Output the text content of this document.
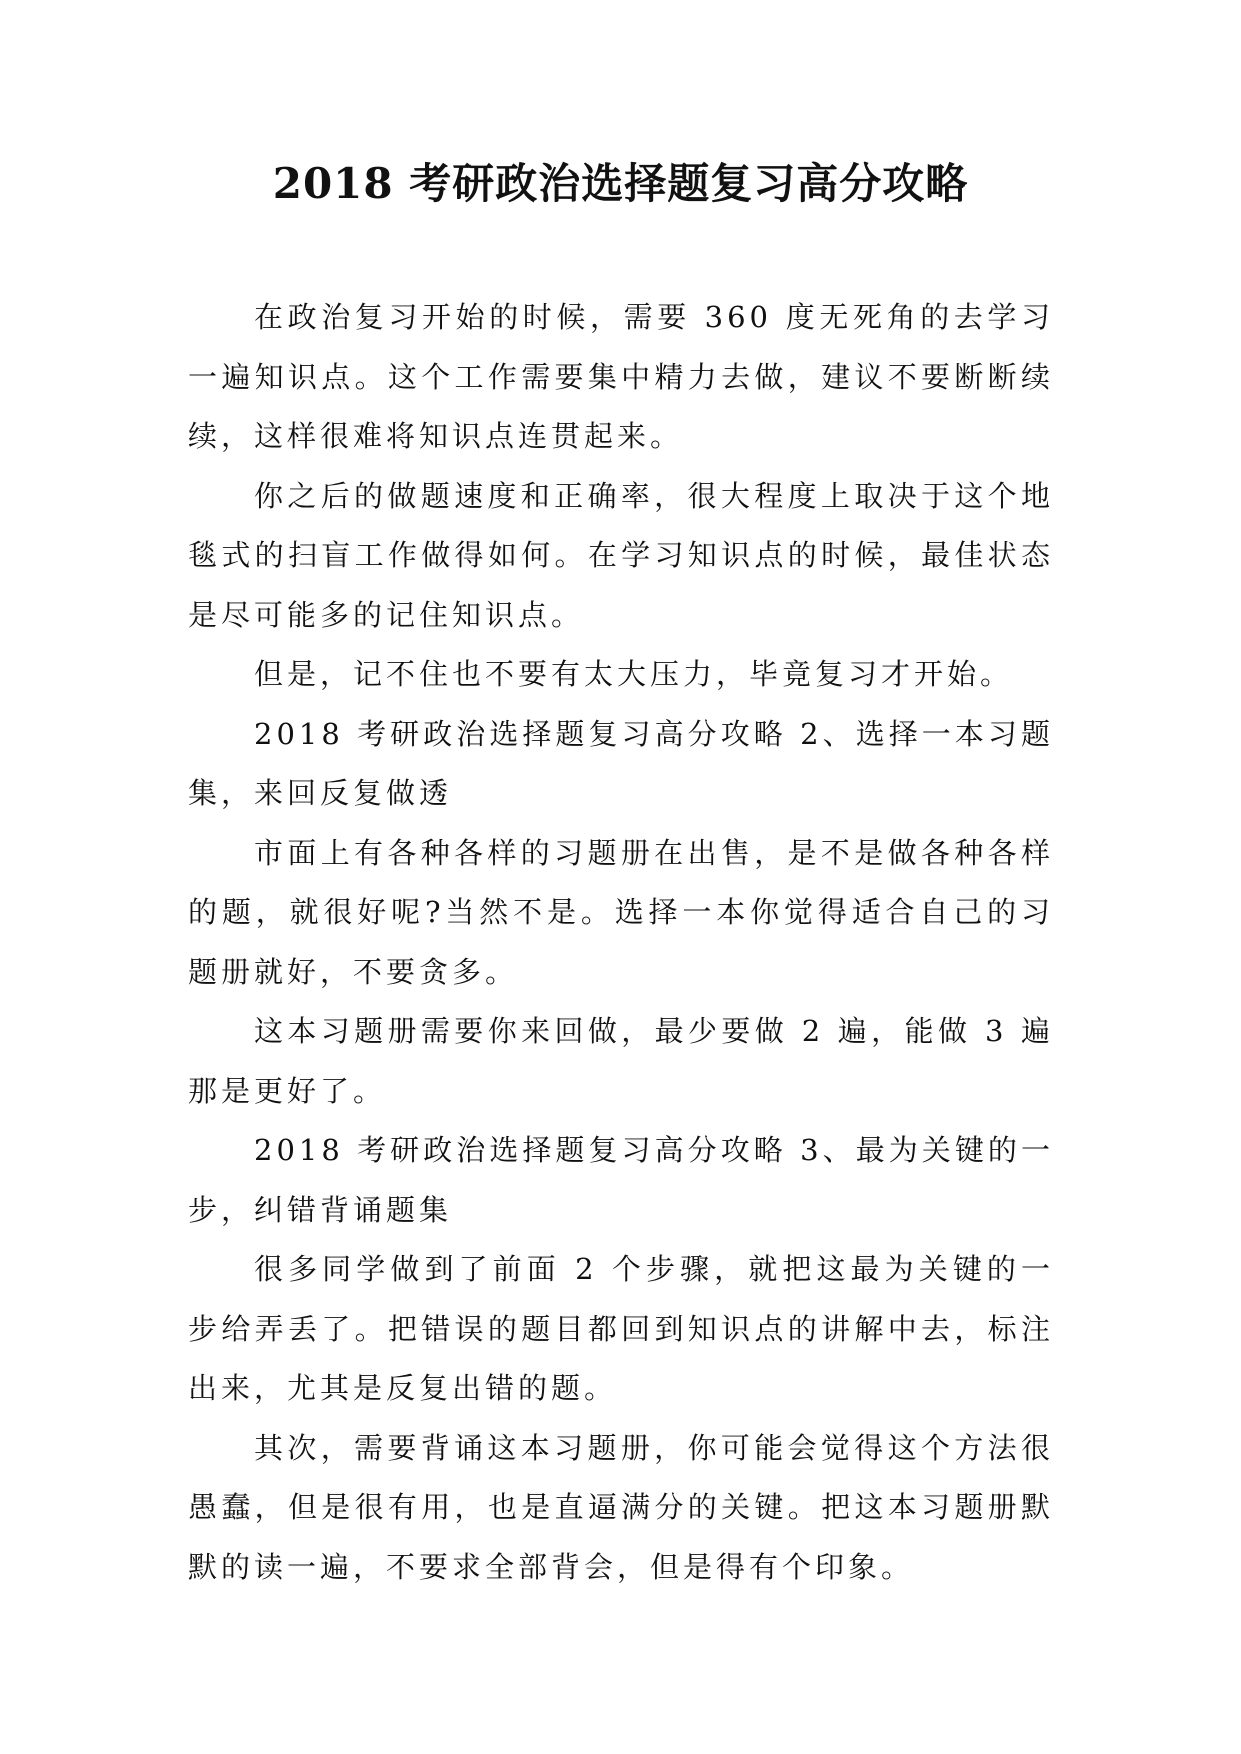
2018 考研政治选择题复习高分攻略

在政治复习开始的时候，需要 360 度无死角的去学习一遍知识点。这个工作需要集中精力去做，建议不要断断续续，这样很难将知识点连贯起来。

你之后的做题速度和正确率，很大程度上取决于这个地毯式的扫盲工作做得如何。在学习知识点的时候，最佳状态是尽可能多的记住知识点。

但是，记不住也不要有太大压力，毕竟复习才开始。

2018 考研政治选择题复习高分攻略 2、选择一本习题集，来回反复做透

市面上有各种各样的习题册在出售，是不是做各种各样的题，就很好呢?当然不是。选择一本你觉得适合自己的习题册就好，不要贪多。

这本习题册需要你来回做，最少要做 2 遍，能做 3 遍那是更好了。

2018 考研政治选择题复习高分攻略 3、最为关键的一步，纠错背诵题集

很多同学做到了前面 2 个步骤，就把这最为关键的一步给弄丢了。把错误的题目都回到知识点的讲解中去，标注出来，尤其是反复出错的题。

其次，需要背诵这本习题册，你可能会觉得这个方法很愚蠢，但是很有用，也是直逼满分的关键。把这本习题册默默的读一遍，不要求全部背会，但是得有个印象。
